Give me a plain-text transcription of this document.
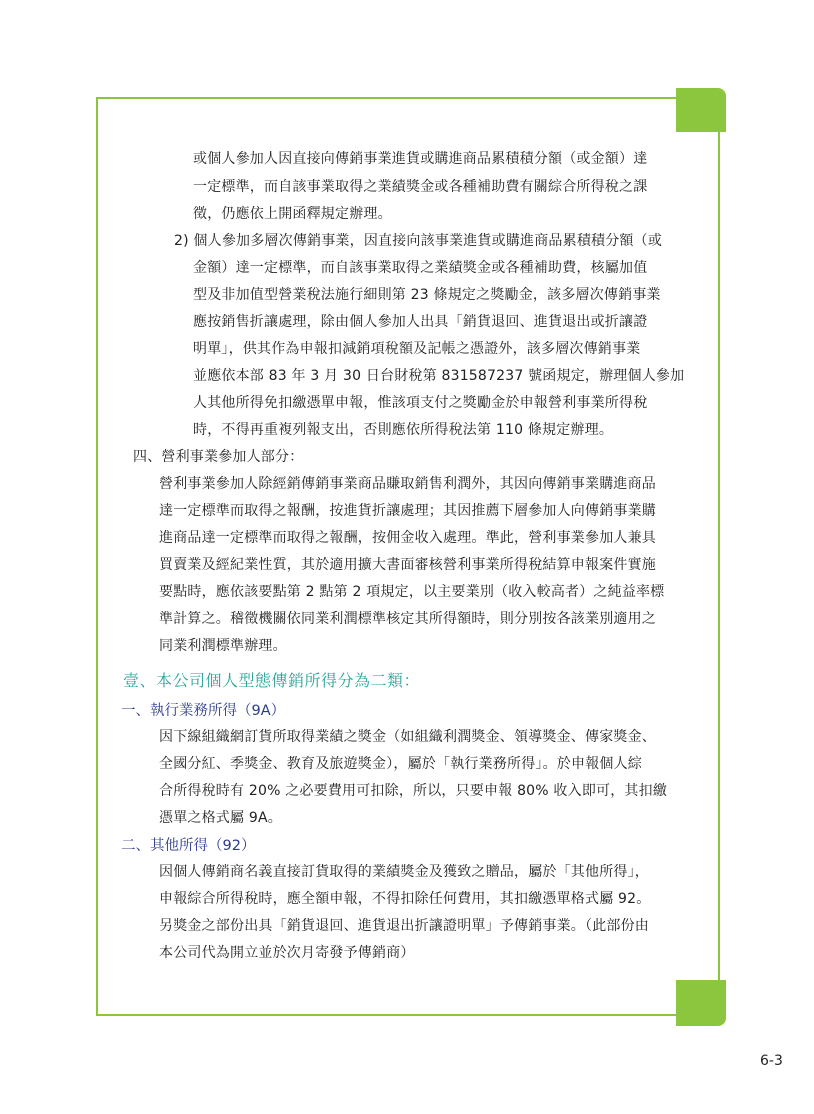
或個人參加人因直接向傳銷事業進貨或購進商品累積積分額（或金額）達
一定標準，而自該事業取得之業績獎金或各種補助費有關綜合所得稅之課
徵，仍應依上開函釋規定辦理。
2) 個人參加多層次傳銷事業，因直接向該事業進貨或購進商品累積積分額（或
金額）達一定標準，而自該事業取得之業績獎金或各種補助費，核屬加值
型及非加值型營業稅法施行細則第 23 條規定之獎勵金，該多層次傳銷事業
應按銷售折讓處理，除由個人參加人出具「銷貨退回、進貨退出或折讓證
明單」，供其作為申報扣減銷項稅額及記帳之憑證外，該多層次傳銷事業
並應依本部 83 年 3 月 30 日台財稅第 831587237 號函規定，辦理個人參加
人其他所得免扣繳憑單申報，惟該項支付之獎勵金於申報營利事業所得稅
時，不得再重複列報支出，否則應依所得稅法第 110 條規定辦理。
四、營利事業參加人部分：
營利事業參加人除經銷傳銷事業商品賺取銷售利潤外，其因向傳銷事業購進商品
達一定標準而取得之報酬，按進貨折讓處理；其因推薦下層參加人向傳銷事業購
進商品達一定標準而取得之報酬，按佣金收入處理。準此，營利事業參加人兼具
買賣業及經紀業性質，其於適用擴大書面審核營利事業所得稅結算申報案件實施
要點時，應依該要點第 2 點第 2 項規定，以主要業別（收入較高者）之純益率標
準計算之。稽徵機關依同業利潤標準核定其所得額時，則分別按各該業別適用之
同業利潤標準辦理。
壹、本公司個人型態傳銷所得分為二類：
一、執行業務所得（9A）
因下線組織網訂貨所取得業績之獎金（如組織利潤獎金、領導獎金、傳家獎金、
全國分紅、季獎金、教育及旅遊獎金），屬於「執行業務所得」。於申報個人綜
合所得稅時有 20% 之必要費用可扣除，所以，只要申報 80% 收入即可，其扣繳
憑單之格式屬 9A。
二、其他所得（92）
因個人傳銷商名義直接訂貨取得的業績獎金及獲致之贈品，屬於「其他所得」，
申報綜合所得稅時，應全額申報，不得扣除任何費用，其扣繳憑單格式屬 92。
另獎金之部份出具「銷貨退回、進貨退出折讓證明單」予傳銷事業。（此部份由
本公司代為開立並於次月寄發予傳銷商）
6-3
